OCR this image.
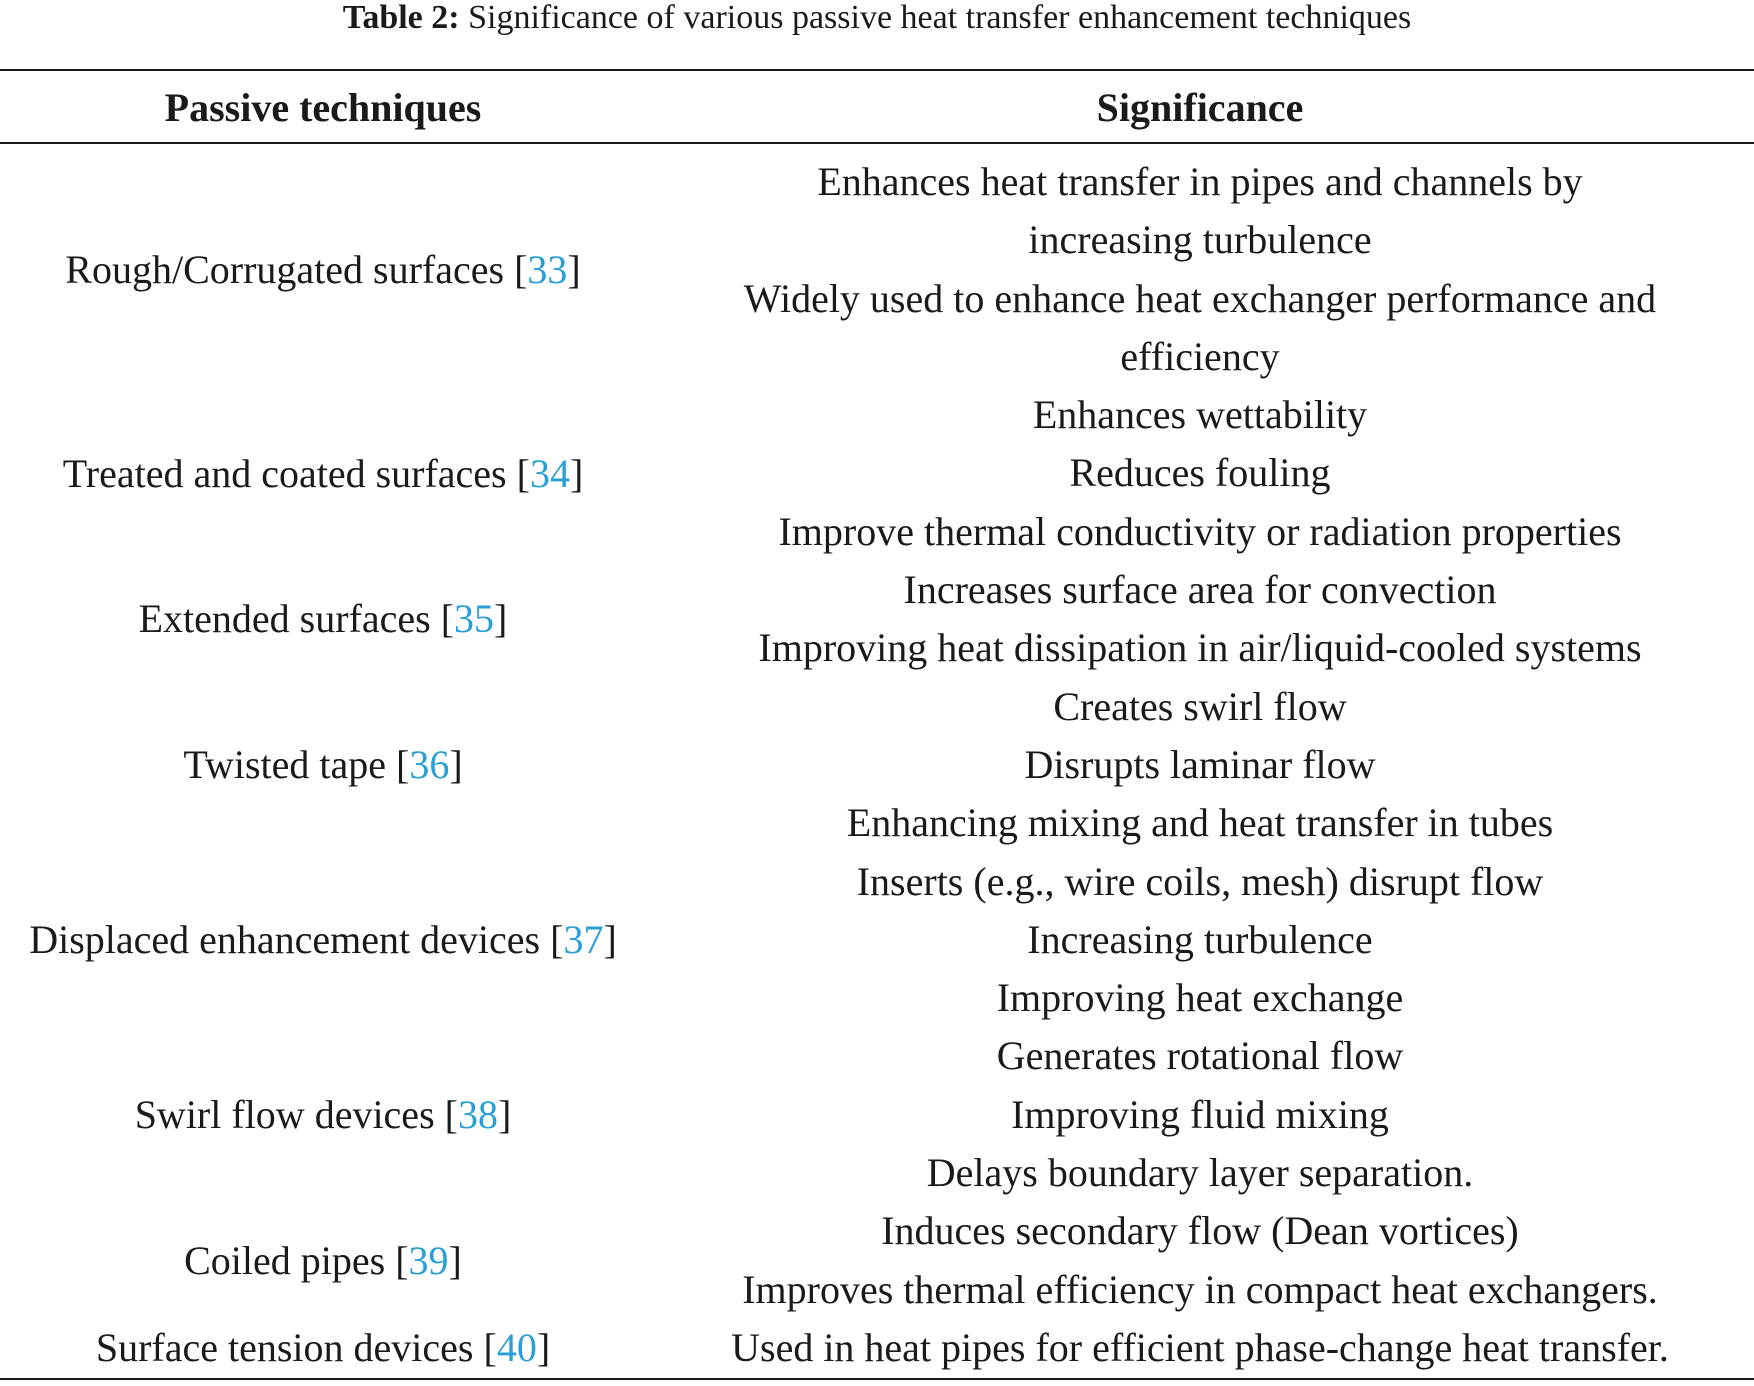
Table 2: Significance of various passive heat transfer enhancement techniques
Passive techniques	Significance
Rough/Corrugated surfaces [33]
Enhances heat transfer in pipes and channels by
increasing turbulence
Widely used to enhance heat exchanger performance and
efficiency
Treated and coated surfaces [34]
Enhances wettability
Reduces fouling
Improve thermal conductivity or radiation properties
Extended surfaces [35]
Increases surface area for convection
Improving heat dissipation in air/liquid-cooled systems
Twisted tape [36]
Creates swirl flow
Disrupts laminar flow
Enhancing mixing and heat transfer in tubes
Displaced enhancement devices [37]
Inserts (e.g., wire coils, mesh) disrupt flow
Increasing turbulence
Improving heat exchange
Swirl flow devices [38]
Generates rotational flow
Improving fluid mixing
Delays boundary layer separation.
Coiled pipes [39]
Induces secondary flow (Dean vortices)
Improves thermal efficiency in compact heat exchangers.
Surface tension devices [40]	Used in heat pipes for efficient phase-change heat transfer.
